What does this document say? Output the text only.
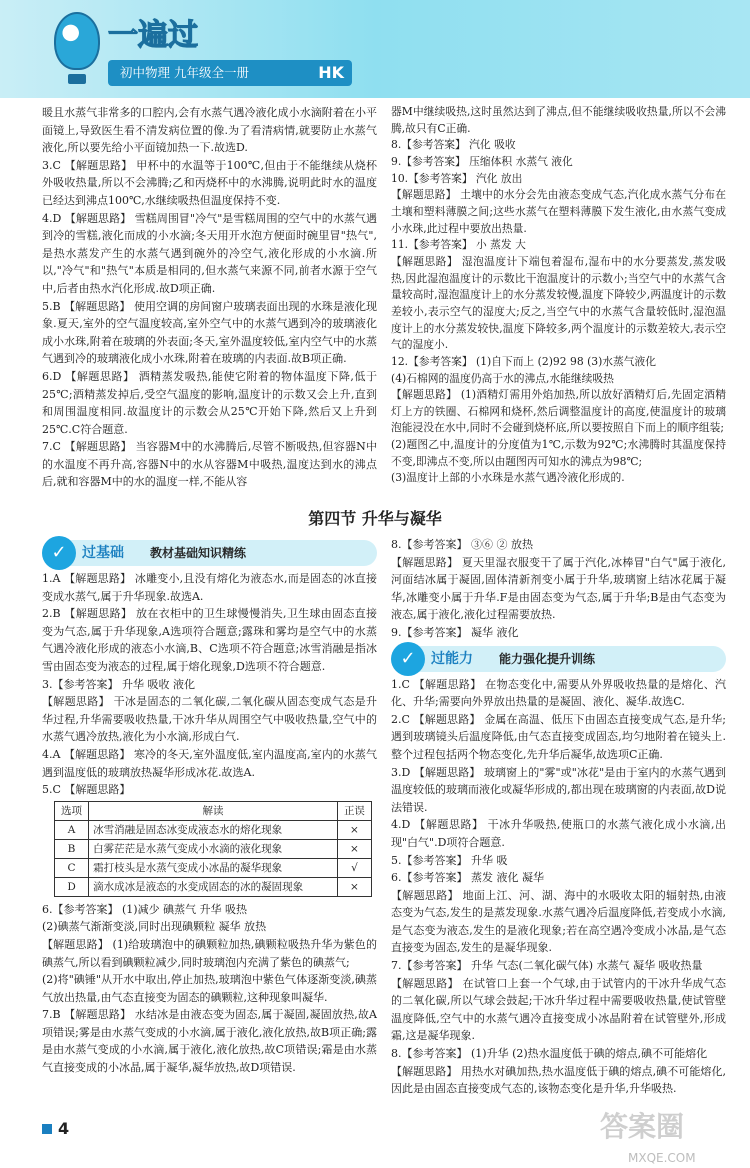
一遍过
初中物理 九年级全一册	HK

暖且水蒸气非常多的口腔内,会有水蒸气遇冷液化成小水滴附着在小平面镜上,导致医生看不清发病位置的像.为了看清病情,就要防止水蒸气液化,所以要先给小平面镜加热一下.故选D.

3.C 【解题思路】 甲杯中的水温等于100℃,但由于不能继续从烧杯外吸收热量,所以不会沸腾;乙和丙烧杯中的水沸腾,说明此时水的温度已经达到沸点100℃,水继续吸热但温度保持不变.

4.D 【解题思路】 雪糕周围冒"冷气"是雪糕周围的空气中的水蒸气遇到冷的雪糕,液化而成的小水滴;冬天用开水泡方便面时碗里冒"热气",是热水蒸发产生的水蒸气遇到碗外的冷空气,液化形成的小水滴.所以,"冷气"和"热气"本质是相同的,但水蒸气来源不同,前者水源于空气中,后者由热水汽化形成.故D项正确.

5.B 【解题思路】 使用空调的房间窗户玻璃表面出现的水珠是液化现象.夏天,室外的空气温度较高,室外空气中的水蒸气遇到冷的玻璃液化成小水珠,附着在玻璃的外表面;冬天,室外温度较低,室内空气中的水蒸气遇到冷的玻璃液化成小水珠,附着在玻璃的内表面.故B项正确.

6.D 【解题思路】 酒精蒸发吸热,能使它附着的物体温度下降,低于25℃;酒精蒸发掉后,受空气温度的影响,温度计的示数又会上升,直到和周围温度相同.故温度计的示数会从25℃开始下降,然后又上升到25℃.C符合题意.

7.C 【解题思路】 当容器M中的水沸腾后,尽管不断吸热,但容器N中的水温度不再升高,容器N中的水从容器M中吸热,温度达到水的沸点后,就和容器M中的水的温度一样,不能从容

器M中继续吸热,这时虽然达到了沸点,但不能继续吸收热量,所以不会沸腾,故只有C正确.

8.【参考答案】 汽化 吸收

9.【参考答案】 压缩体积 水蒸气 液化

10.【参考答案】 汽化 放出

【解题思路】 土壤中的水分会先由液态变成气态,汽化成水蒸气分布在土壤和塑料薄膜之间;这些水蒸气在塑料薄膜下发生液化,由水蒸气变成小水珠,此过程中要放出热量.

11.【参考答案】 小 蒸发 大

【解题思路】 湿泡温度计下端包着湿布,湿布中的水分要蒸发,蒸发吸热,因此湿泡温度计的示数比干泡温度计的示数小;当空气中的水蒸气含量较高时,湿泡温度计上的水分蒸发较慢,温度下降较少,两温度计的示数差较小,表示空气的湿度大;反之,当空气中的水蒸气含量较低时,湿泡温度计上的水分蒸发较快,温度下降较多,两个温度计的示数差较大,表示空气的湿度小.

12.【参考答案】 (1)自下而上 (2)92 98 (3)水蒸气液化

(4)石棉网的温度仍高于水的沸点,水能继续吸热

【解题思路】 (1)酒精灯需用外焰加热,所以放好酒精灯后,先固定酒精灯上方的铁圈、石棉网和烧杯,然后调整温度计的高度,使温度计的玻璃泡能浸没在水中,同时不会碰到烧杯底,所以要按照自下而上的顺序组装;

(2)题图乙中,温度计的分度值为1℃,示数为92℃;水沸腾时其温度保持不变,即沸点不变,所以由题图丙可知水的沸点为98℃;

(3)温度计上部的小水珠是水蒸气遇冷液化形成的.

第四节 升华与凝华
✓	过基础 教材基础知识精练

1.A 【解题思路】 冰雕变小,且没有熔化为液态水,而是固态的冰直接变成水蒸气,属于升华现象.故选A.

2.B 【解题思路】 放在衣柜中的卫生球慢慢消失,卫生球由固态直接变为气态,属于升华现象,A选项符合题意;露珠和雾均是空气中的水蒸气遇冷液化形成的液态小水滴,B、C选项不符合题意;冰雪消融是指冰雪由固态变为液态的过程,属于熔化现象,D选项不符合题意.

3.【参考答案】 升华 吸收 液化

【解题思路】 干冰是固态的二氧化碳,二氧化碳从固态变成气态是升华过程,升华需要吸收热量,干冰升华从周围空气中吸收热量,空气中的水蒸气遇冷放热,液化为小水滴,形成白气.

4.A 【解题思路】 寒冷的冬天,室外温度低,室内温度高,室内的水蒸气遇到温度低的玻璃放热凝华形成冰花.故选A.

5.C 【解题思路】

选项	解读	正误
A	冰雪消融是固态冰变成液态水的熔化现象	×
B	白雾茫茫是水蒸气变成小水滴的液化现象	×
C	霜打枝头是水蒸气变成小冰晶的凝华现象	√
D	滴水成冰是液态的水变成固态的冰的凝固现象	×

6.【参考答案】 (1)减少 碘蒸气 升华 吸热

(2)碘蒸气渐渐变淡,同时出现碘颗粒 凝华 放热

【解题思路】 (1)给玻璃泡中的碘颗粒加热,碘颗粒吸热升华为紫色的碘蒸气,所以看到碘颗粒减少,同时玻璃泡内充满了紫色的碘蒸气;

(2)将"碘锤"从开水中取出,停止加热,玻璃泡中紫色气体逐渐变淡,碘蒸气放出热量,由气态直接变为固态的碘颗粒,这种现象叫凝华.

7.B 【解题思路】 水结冰是由液态变为固态,属于凝固,凝固放热,故A项错误;雾是由水蒸气变成的小水滴,属于液化,液化放热,故B项正确;露是由水蒸气变成的小水滴,属于液化,液化放热,故C项错误;霜是由水蒸气直接变成的小冰晶,属于凝华,凝华放热,故D项错误.

8.【参考答案】 ③⑥ ② 放热

【解题思路】 夏天里湿衣服变干了属于汽化,冰棒冒"白气"属于液化,河面结冰属于凝固,固体清新剂变小属于升华,玻璃窗上结冰花属于凝华,冰雕变小属于升华.F是由固态变为气态,属于升华;B是由气态变为液态,属于液化,液化过程需要放热.

9.【参考答案】 凝华 液化

✓	过能力 能力强化提升训练

1.C 【解题思路】 在物态变化中,需要从外界吸收热量的是熔化、汽化、升华;需要向外界放出热量的是凝固、液化、凝华.故选C.

2.C 【解题思路】 金属在高温、低压下由固态直接变成气态,是升华;遇到玻璃镜头后温度降低,由气态直接变成固态,均匀地附着在镜头上.整个过程包括两个物态变化,先升华后凝华,故选项C正确.

3.D 【解题思路】 玻璃窗上的"雾"或"冰花"是由于室内的水蒸气遇到温度较低的玻璃而液化或凝华形成的,都出现在玻璃窗的内表面,故D说法错误.

4.D 【解题思路】 干冰升华吸热,使瓶口的水蒸气液化成小水滴,出现"白气".D项符合题意.

5.【参考答案】 升华 吸

6.【参考答案】 蒸发 液化 凝华

【解题思路】 地面上江、河、湖、海中的水吸收太阳的辐射热,由液态变为气态,发生的是蒸发现象.水蒸气遇冷后温度降低,若变成小水滴,是气态变为液态,发生的是液化现象;若在高空遇冷变成小冰晶,是气态直接变为固态,发生的是凝华现象.

7.【参考答案】 升华 气态(二氧化碳气体) 水蒸气 凝华 吸收热量

【解题思路】 在试管口上套一个气球,由于试管内的干冰升华成气态的二氧化碳,所以气球会鼓起;干冰升华过程中需要吸收热量,使试管壁温度降低,空气中的水蒸气遇冷直接变成小冰晶附着在试管壁外,形成霜,这是凝华现象.

8.【参考答案】 (1)升华 (2)热水温度低于碘的熔点,碘不可能熔化

【解题思路】 用热水对碘加热,热水温度低于碘的熔点,碘不可能熔化,因此是由固态直接变成气态的,该物态变化是升华,升华吸热.

4	答案圈
MXQE.COM
